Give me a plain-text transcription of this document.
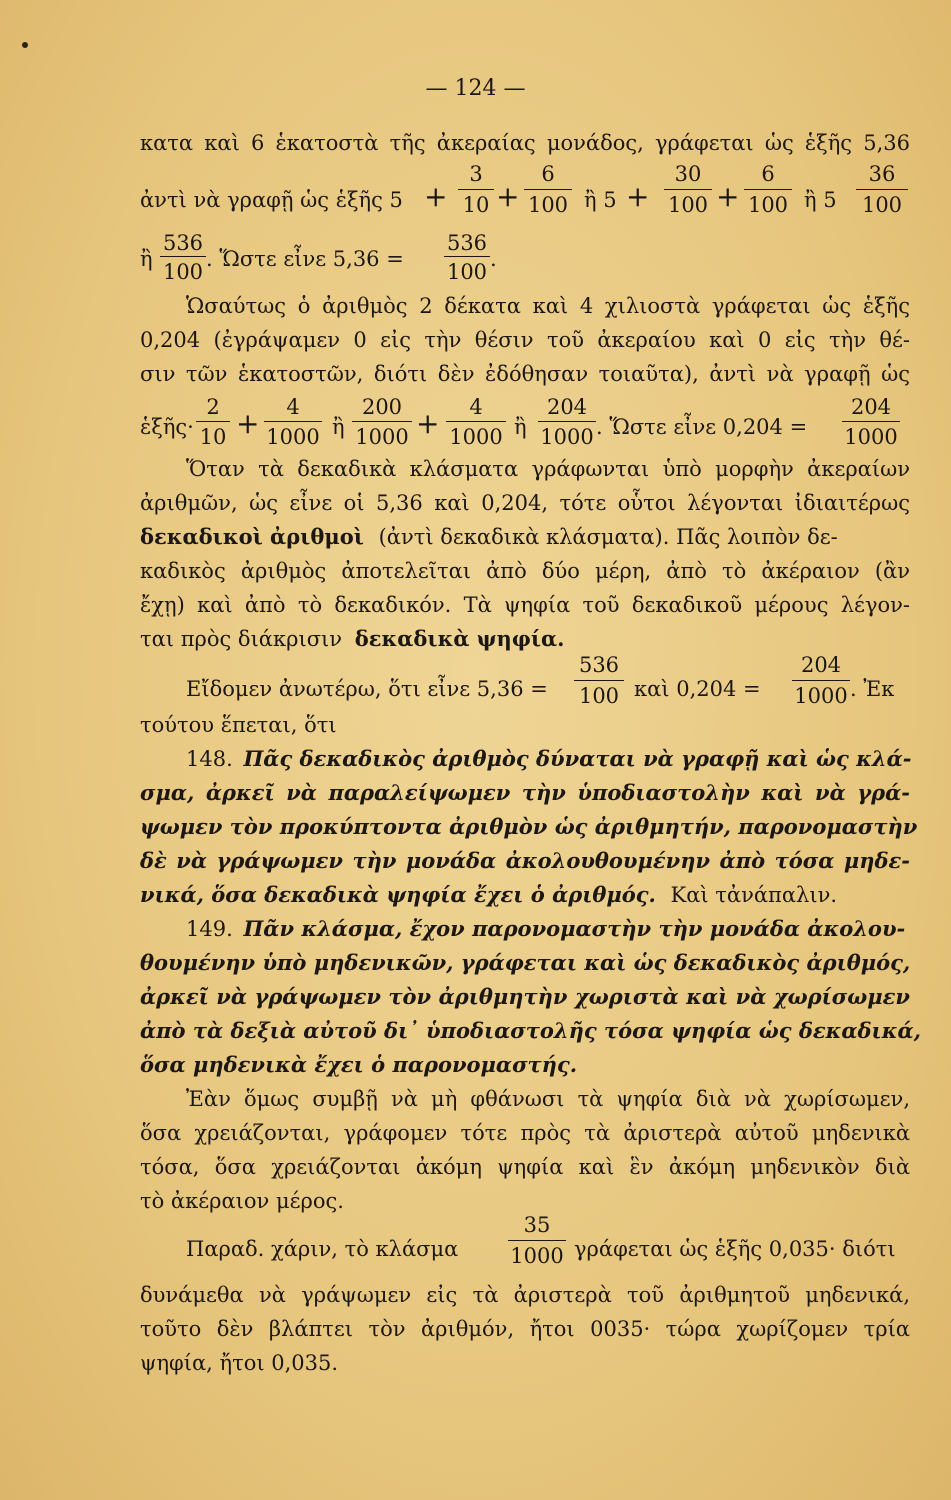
— 124 —
κατα καὶ 6 ἑκατοστὰ τῆς ἀκεραίας μονάδος, γράφεται ὡς ἑξῆς 5,36
ἀντὶ νὰ γραφῇ ὡς ἑξῆς 5 +
3
10 +
6
100 ἢ 5 +
30
100 +
6
100 ἢ 5
36
100
ἢ
536
100
. Ὥστε εἶνε 5,36 =
536
100
.
Ὡσαύτως ὁ ἀριθμὸς 2 δέκατα καὶ 4 χιλιοστὰ γράφεται ὡς ἑξῆς
0,204 (ἐγράψαμεν 0 εἰς τὴν θέσιν τοῦ ἀκεραίου καὶ 0 εἰς τὴν θέ-
σιν τῶν ἑκατοστῶν, διότι δὲν ἐδόθησαν τοιαῦτα), ἀντὶ νὰ γραφῇ ὡς
ἑξῆς·
2
10 +	4
1000 ἢ
200
1000 +	4
1000 ἢ
204
1000 . Ὥστε εἶνε 0,204 =
204
1000
Ὅταν τὰ δεκαδικὰ κλάσματα γράφωνται ὑπὸ μορφὴν ἀκεραίων
ἀριθμῶν, ὡς εἶνε οἱ 5,36 καὶ 0,204, τότε οὗτοι λέγονται ἰδιαιτέρως
δεκαδικοὶ ἀριθμοὶ (ἀντὶ δεκαδικὰ κλάσματα). Πᾶς λοιπὸν δε-
καδικὸς ἀριθμὸς ἀποτελεῖται ἀπὸ δύο μέρη, ἀπὸ τὸ ἀκέραιον (ἂν
ἔχῃ) καὶ ἀπὸ τὸ δεκαδικόν. Τὰ ψηφία τοῦ δεκαδικοῦ μέρους λέγον-
ται πρὸς διάκρισιν δεκαδικὰ ψηφία.
Εἴδομεν ἀνωτέρω, ὅτι εἶνε 5,36 =
536
100 καὶ 0,204 =
204
1000 . Ἐκ
τούτου ἕπεται, ὅτι
148. Πᾶς δεκαδικὸς ἀριθμὸς δύναται νὰ γραφῇ καὶ ὡς κλά-
σμα, ἀρκεῖ νὰ παραλείψωμεν τὴν ὑποδιαστολὴν καὶ νὰ γρά-
ψωμεν τὸν προκύπτοντα ἀριθμὸν ὡς ἀριθμητήν, παρονομαστὴν
δὲ νὰ γράψωμεν τὴν μονάδα ἀκολουθουμένην ἀπὸ τόσα μηδε-
νικά, ὅσα δεκαδικὰ ψηφία ἔχει ὁ ἀριθμός. Καὶ τἀνάπαλιν.
149. Πᾶν κλάσμα, ἔχον παρονομαστὴν τὴν μονάδα ἀκολου-
θουμένην ὑπὸ μηδενικῶν, γράφεται καὶ ὡς δεκαδικὸς ἀριθμός,
ἀρκεῖ νὰ γράψωμεν τὸν ἀριθμητὴν χωριστὰ καὶ νὰ χωρίσωμεν
ἀπὸ τὰ δεξιὰ αὐτοῦ δι᾽ ὑποδιαστολῆς τόσα ψηφία ὡς δεκαδικά,
ὅσα μηδενικὰ ἔχει ὁ παρονομαστής.
Ἐὰν ὅμως συμβῇ νὰ μὴ φθάνωσι τὰ ψηφία διὰ νὰ χωρίσωμεν,
ὅσα χρειάζονται, γράφομεν τότε πρὸς τὰ ἀριστερὰ αὐτοῦ μηδενικὰ
τόσα, ὅσα χρειάζονται ἀκόμη ψηφία καὶ ἓν ἀκόμη μηδενικὸν διὰ
τὸ ἀκέραιον μέρος.
Παραδ. χάριν, τὸ κλάσμα
35
1000 γράφεται ὡς ἑξῆς 0,035· διότι
δυνάμεθα νὰ γράψωμεν εἰς τὰ ἀριστερὰ τοῦ ἀριθμητοῦ μηδενικά,
τοῦτο δὲν βλάπτει τὸν ἀριθμόν, ἤτοι 0035· τώρα χωρίζομεν τρία
ψηφία, ἤτοι 0,035.
